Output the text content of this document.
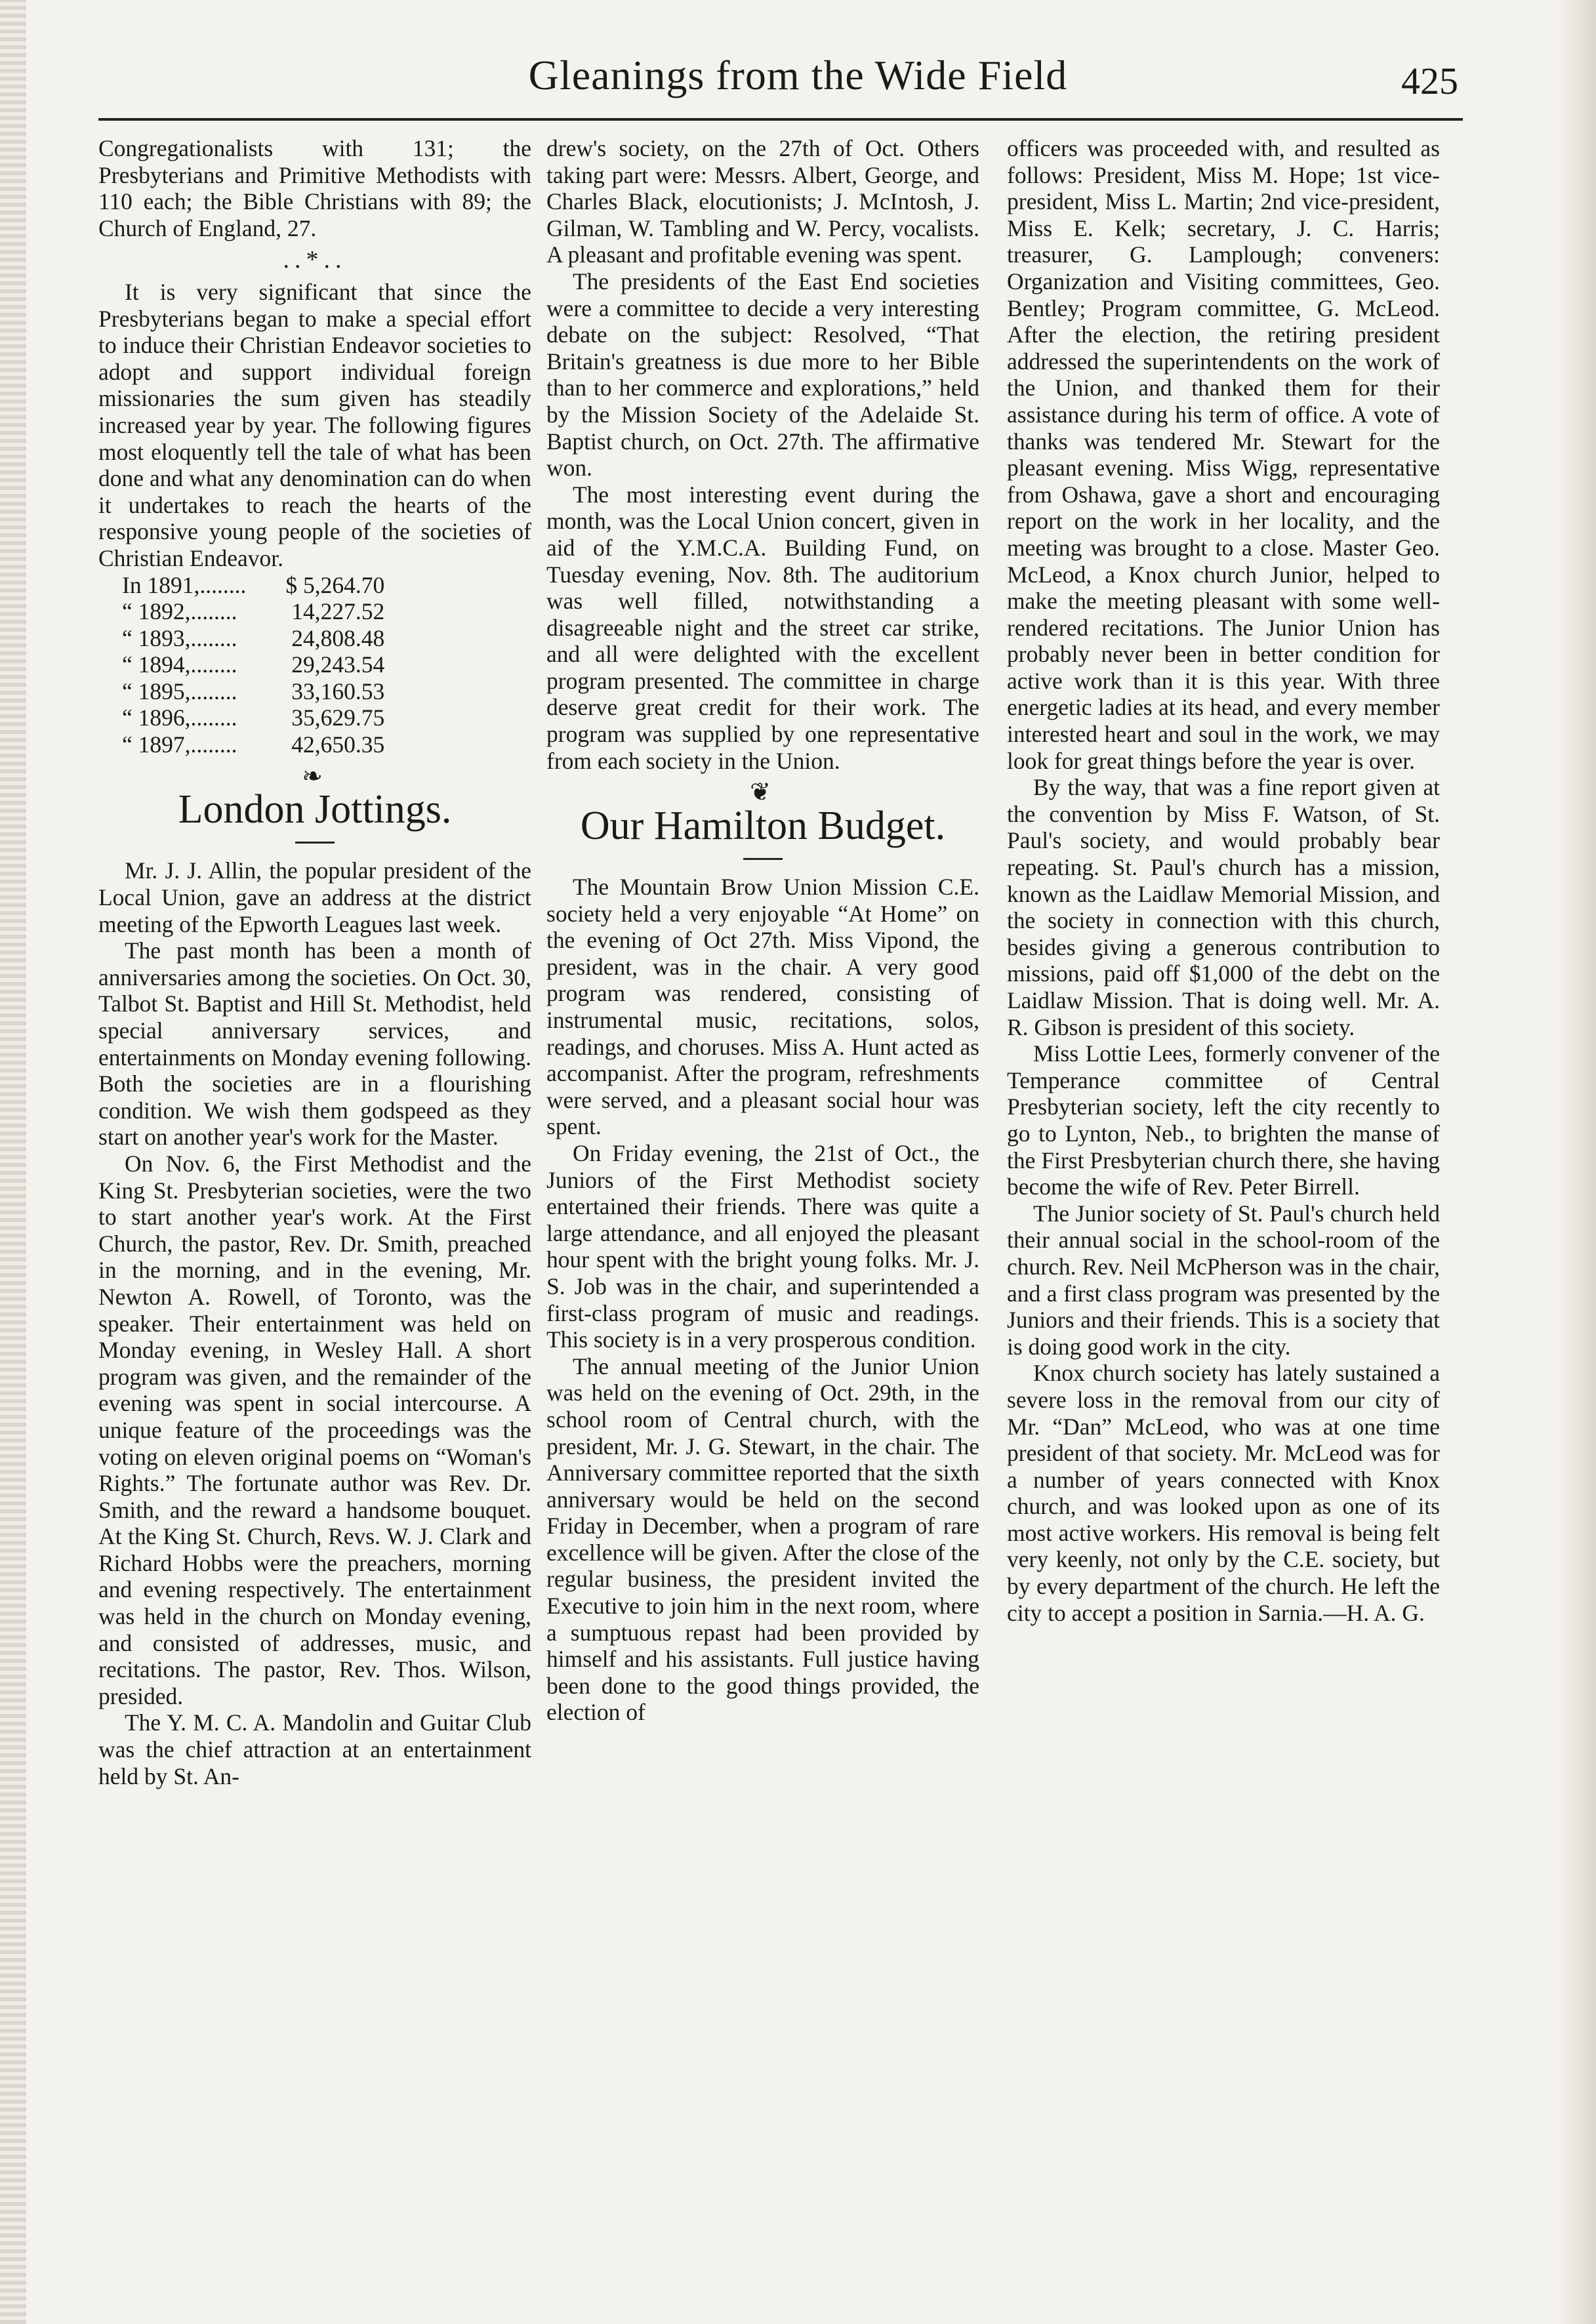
Gleanings from the Wide Field	425

Congregationalists with 131; the Presbyterians and Primitive Methodists with 110 each; the Bible Christians with 89; the Church of England, 27.

..*..

It is very significant that since the Presbyterians began to make a special effort to induce their Christian Endeavor societies to adopt and support individual foreign missionaries the sum given has steadily increased year by year. The following figures most eloquently tell the tale of what has been done and what any denomination can do when it undertakes to reach the hearts of the responsive young people of the societies of Christian Endeavor.

In 1891,........	$ 5,264.70
“ 1892,........	14,227.52
“ 1893,........	24,808.48
“ 1894,........	29,243.54
“ 1895,........	33,160.53
“ 1896,........	35,629.75
“ 1897,........	42,650.35
❧
London Jottings.

Mr. J. J. Allin, the popular president of the Local Union, gave an address at the district meeting of the Epworth Leagues last week.

The past month has been a month of anniversaries among the societies. On Oct. 30, Talbot St. Baptist and Hill St. Methodist, held special anniversary services, and entertainments on Monday evening following. Both the societies are in a flourishing condition. We wish them godspeed as they start on another year's work for the Master.

On Nov. 6, the First Methodist and the King St. Presbyterian societies, were the two to start another year's work. At the First Church, the pastor, Rev. Dr. Smith, preached in the morning, and in the evening, Mr. Newton A. Rowell, of Toronto, was the speaker. Their entertainment was held on Monday evening, in Wesley Hall. A short program was given, and the remainder of the evening was spent in social intercourse. A unique feature of the proceedings was the voting on eleven original poems on “Woman's Rights.” The fortunate author was Rev. Dr. Smith, and the reward a handsome bouquet. At the King St. Church, Revs. W. J. Clark and Richard Hobbs were the preachers, morning and evening respectively. The entertainment was held in the church on Monday evening, and consisted of addresses, music, and recitations. The pastor, Rev. Thos. Wilson, presided.

The Y. M. C. A. Mandolin and Guitar Club was the chief attraction at an entertainment held by St. An-

drew's society, on the 27th of Oct. Others taking part were: Messrs. Albert, George, and Charles Black, elocutionists; J. McIntosh, J. Gilman, W. Tambling and W. Percy, vocalists. A pleasant and profitable evening was spent.

The presidents of the East End societies were a committee to decide a very interesting debate on the subject: Resolved, “That Britain's greatness is due more to her Bible than to her commerce and explorations,” held by the Mission Society of the Adelaide St. Baptist church, on Oct. 27th. The affirmative won.

The most interesting event during the month, was the Local Union concert, given in aid of the Y.M.C.A. Building Fund, on Tuesday evening, Nov. 8th. The auditorium was well filled, notwithstanding a disagreeable night and the street car strike, and all were delighted with the excellent program presented. The committee in charge deserve great credit for their work. The program was supplied by one representative from each society in the Union.

❦
Our Hamilton Budget.

The Mountain Brow Union Mission C.E. society held a very enjoyable “At Home” on the evening of Oct 27th. Miss Vipond, the president, was in the chair. A very good program was rendered, consisting of instrumental music, recitations, solos, readings, and choruses. Miss A. Hunt acted as accompanist. After the program, refreshments were served, and a pleasant social hour was spent.

On Friday evening, the 21st of Oct., the Juniors of the First Methodist society entertained their friends. There was quite a large attendance, and all enjoyed the pleasant hour spent with the bright young folks. Mr. J. S. Job was in the chair, and superintended a first-class program of music and readings. This society is in a very prosperous condition.

The annual meeting of the Junior Union was held on the evening of Oct. 29th, in the school room of Central church, with the president, Mr. J. G. Stewart, in the chair. The Anniversary committee reported that the sixth anniversary would be held on the second Friday in December, when a program of rare excellence will be given. After the close of the regular business, the president invited the Executive to join him in the next room, where a sumptuous repast had been provided by himself and his assistants. Full justice having been done to the good things provided, the election of

officers was proceeded with, and resulted as follows: President, Miss M. Hope; 1st vice-president, Miss L. Martin; 2nd vice-president, Miss E. Kelk; secretary, J. C. Harris; treasurer, G. Lamplough; conveners: Organization and Visiting committees, Geo. Bentley; Program committee, G. McLeod. After the election, the retiring president addressed the superintendents on the work of the Union, and thanked them for their assistance during his term of office. A vote of thanks was tendered Mr. Stewart for the pleasant evening. Miss Wigg, representative from Oshawa, gave a short and encouraging report on the work in her locality, and the meeting was brought to a close. Master Geo. McLeod, a Knox church Junior, helped to make the meeting pleasant with some well-rendered recitations. The Junior Union has probably never been in better condition for active work than it is this year. With three energetic ladies at its head, and every member interested heart and soul in the work, we may look for great things before the year is over.

By the way, that was a fine report given at the convention by Miss F. Watson, of St. Paul's society, and would probably bear repeating. St. Paul's church has a mission, known as the Laidlaw Memorial Mission, and the society in connection with this church, besides giving a generous contribution to missions, paid off $1,000 of the debt on the Laidlaw Mission. That is doing well. Mr. A. R. Gibson is president of this society.

Miss Lottie Lees, formerly convener of the Temperance committee of Central Presbyterian society, left the city recently to go to Lynton, Neb., to brighten the manse of the First Presbyterian church there, she having become the wife of Rev. Peter Birrell.

The Junior society of St. Paul's church held their annual social in the school-room of the church. Rev. Neil McPherson was in the chair, and a first class program was presented by the Juniors and their friends. This is a society that is doing good work in the city.

Knox church society has lately sustained a severe loss in the removal from our city of Mr. “Dan” McLeod, who was at one time president of that society. Mr. McLeod was for a number of years connected with Knox church, and was looked upon as one of its most active workers. His removal is being felt very keenly, not only by the C.E. society, but by every department of the church. He left the city to accept a position in Sarnia.—H. A. G.
